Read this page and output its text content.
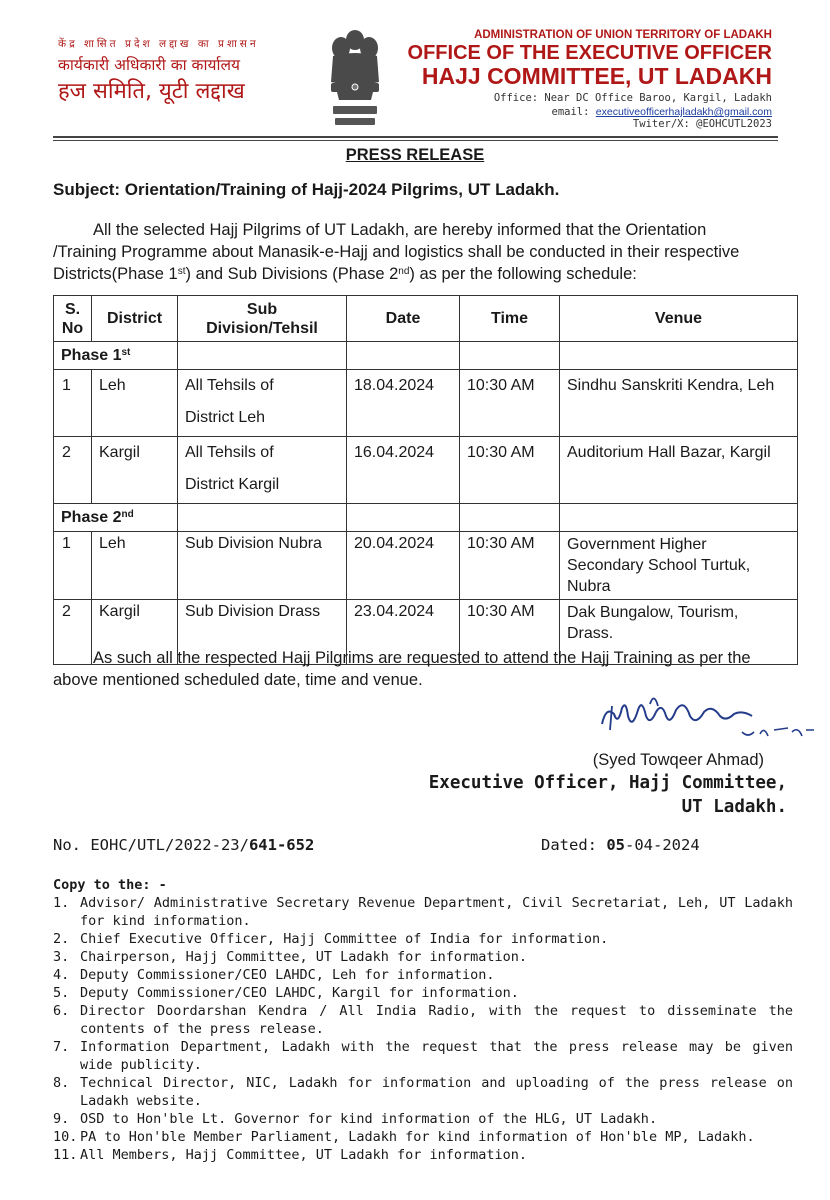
केंद्र शासित प्रदेश लद्दाख का प्रशासन
कार्यकारी अधिकारी का कार्यालय
हज समिति, यूटी लद्दाख
ADMINISTRATION OF UNION TERRITORY OF LADAKH
OFFICE OF THE EXECUTIVE OFFICER
HAJJ COMMITTEE, UT LADAKH
Office: Near DC Office Baroo, Kargil, Ladakh
email: executiveofficerhajladakh@gmail.com
Twiter/X: @EOHCUTL2023
PRESS RELEASE
Subject: Orientation/Training of Hajj-2024 Pilgrims, UT Ladakh.
All the selected Hajj Pilgrims of UT Ladakh, are hereby informed that the Orientation
/Training Programme about Manasik-e-Hajj and logistics shall be conducted in their respective
Districts(Phase 1st) and Sub Divisions (Phase 2nd) as per the following schedule:
S.
No	District	Sub
Division/Tehsil	Date	Time	Venue
Phase 1st				
1	Leh	All Tehsils of
District Leh	18.04.2024	10:30 AM	Sindhu Sanskriti Kendra, Leh
2	Kargil	All Tehsils of
District Kargil	16.04.2024	10:30 AM	Auditorium Hall Bazar, Kargil
Phase 2nd				
1	Leh	Sub Division Nubra	20.04.2024	10:30 AM	Government Higher
Secondary School Turtuk,
Nubra
2	Kargil	Sub Division Drass	23.04.2024	10:30 AM	Dak Bungalow, Tourism,
Drass.
As such all the respected Hajj Pilgrims are requested to attend the Hajj Training as per the
above mentioned scheduled date, time and venue.
(Syed Towqeer Ahmad)
Executive Officer, Hajj Committee,
UT Ladakh.
No. EOHC/UTL/2022-23/641-652	Dated: 05-04-2024
Copy to the: -
1. Advisor/ Administrative Secretary Revenue Department, Civil Secretariat, Leh, UT Ladakh for kind information.
2. Chief Executive Officer, Hajj Committee of India for information.
3. Chairperson, Hajj Committee, UT Ladakh for information.
4. Deputy Commissioner/CEO LAHDC, Leh for information.
5. Deputy Commissioner/CEO LAHDC, Kargil for information.
6. Director Doordarshan Kendra / All India Radio, with the request to disseminate the contents of the press release.
7. Information Department, Ladakh with the request that the press release may be given wide publicity.
8. Technical Director, NIC, Ladakh for information and uploading of the press release on Ladakh website.
9. OSD to Hon'ble Lt. Governor for kind information of the HLG, UT Ladakh.
10. PA to Hon'ble Member Parliament, Ladakh for kind information of Hon'ble MP, Ladakh.
11. All Members, Hajj Committee, UT Ladakh for information.
